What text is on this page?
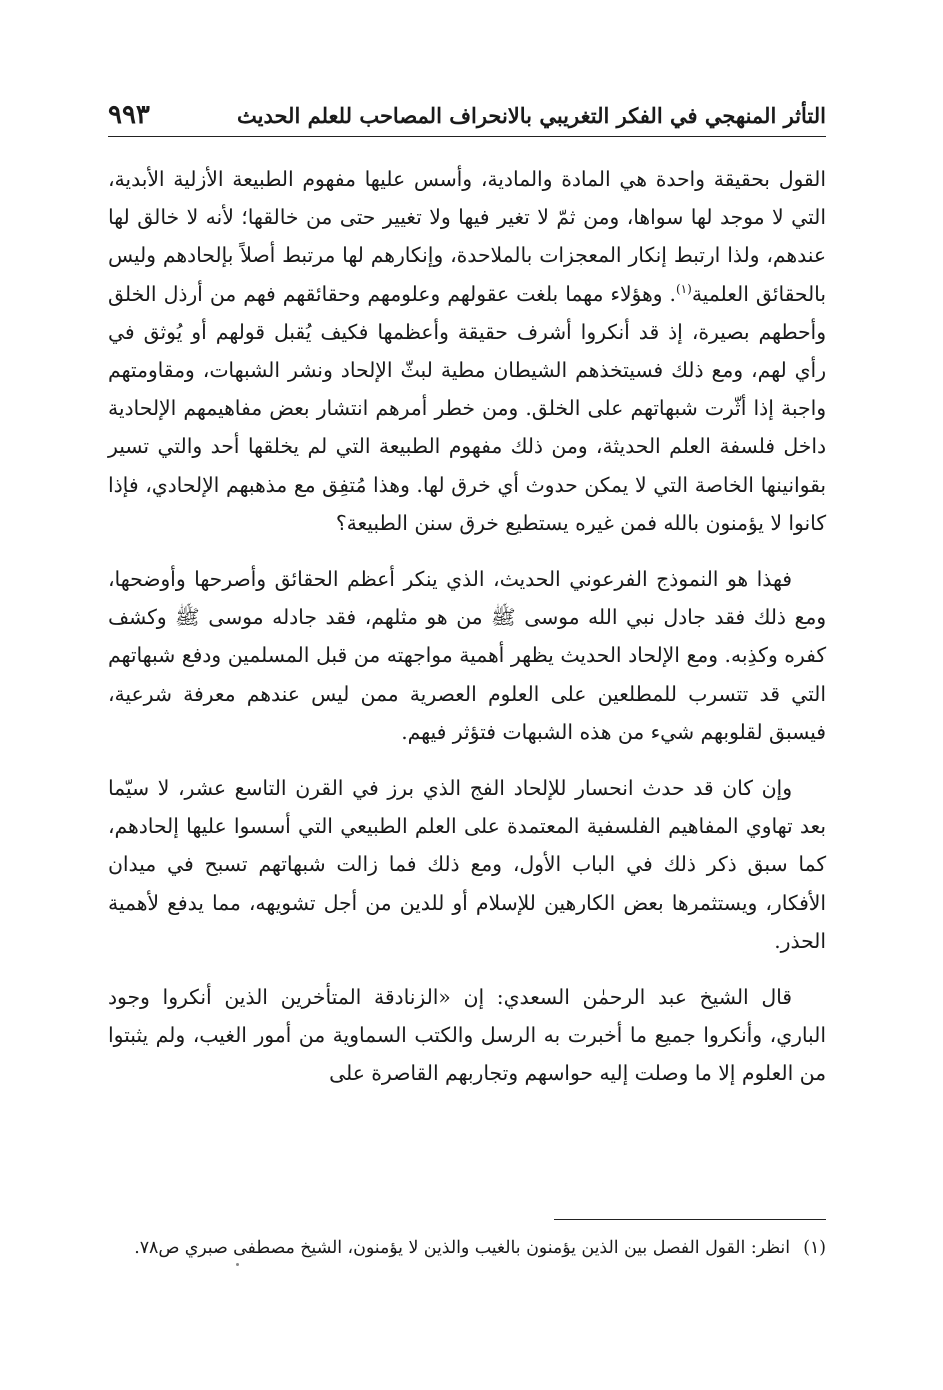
التأثر المنهجي في الفكر التغريبي بالانحراف المصاحب للعلم الحديث
٩٩٣

القول بحقيقة واحدة هي المادة والمادية، وأسس عليها مفهوم الطبيعة الأزلية الأبدية، التي لا موجد لها سواها، ومن ثمّ لا تغير فيها ولا تغيير حتى من خالقها؛ لأنه لا خالق لها عندهم، ولذا ارتبط إنكار المعجزات بالملاحدة، وإنكارهم لها مرتبط أصلاً بإلحادهم وليس بالحقائق العلمية$^{(١)}$. وهؤلاء مهما بلغت عقولهم وعلومهم وحقائقهم فهم من أرذل الخلق وأحطهم بصيرة، إذ قد أنكروا أشرف حقيقة وأعظمها فكيف يُقبل قولهم أو يُوثق في رأي لهم، ومع ذلك فسيتخذهم الشيطان مطية لبثّ الإلحاد ونشر الشبهات، ومقاومتهم واجبة إذا أثّرت شبهاتهم على الخلق. ومن خطر أمرهم انتشار بعض مفاهيمهم الإلحادية داخل فلسفة العلم الحديثة، ومن ذلك مفهوم الطبيعة التي لم يخلقها أحد والتي تسير بقوانينها الخاصة التي لا يمكن حدوث أي خرق لها. وهذا مُتفِق مع مذهبهم الإلحادي، فإذا كانوا لا يؤمنون بالله فمن غيره يستطيع خرق سنن الطبيعة؟

فهذا هو النموذج الفرعوني الحديث، الذي ينكر أعظم الحقائق وأصرحها وأوضحها، ومع ذلك فقد جادل نبي الله موسى ﷺ من هو مثلهم، فقد جادله موسى ﷺ وكشف كفره وكذِبه. ومع الإلحاد الحديث يظهر أهمية مواجهته من قبل المسلمين ودفع شبهاتهم التي قد تتسرب للمطلعين على العلوم العصرية ممن ليس عندهم معرفة شرعية، فيسبق لقلوبهم شيء من هذه الشبهات فتؤثر فيهم.

وإن كان قد حدث انحسار للإلحاد الفج الذي برز في القرن التاسع عشر، لا سيّما بعد تهاوي المفاهيم الفلسفية المعتمدة على العلم الطبيعي التي أسسوا عليها إلحادهم، كما سبق ذكر ذلك في الباب الأول، ومع ذلك فما زالت شبهاتهم تسبح في ميدان الأفكار، ويستثمرها بعض الكارهين للإسلام أو للدين من أجل تشويهه، مما يدفع لأهمية الحذر.

قال الشيخ عبد الرحمٰن السعدي: إن «الزنادقة المتأخرين الذين أنكروا وجود الباري، وأنكروا جميع ما أخبرت به الرسل والكتب السماوية من أمور الغيب، ولم يثبتوا من العلوم إلا ما وصلت إليه حواسهم وتجاربهم القاصرة على

(١)انظر: القول الفصل بين الذين يؤمنون بالغيب والذين لا يؤمنون، الشيخ مصطفى صبري ص٧٨.
